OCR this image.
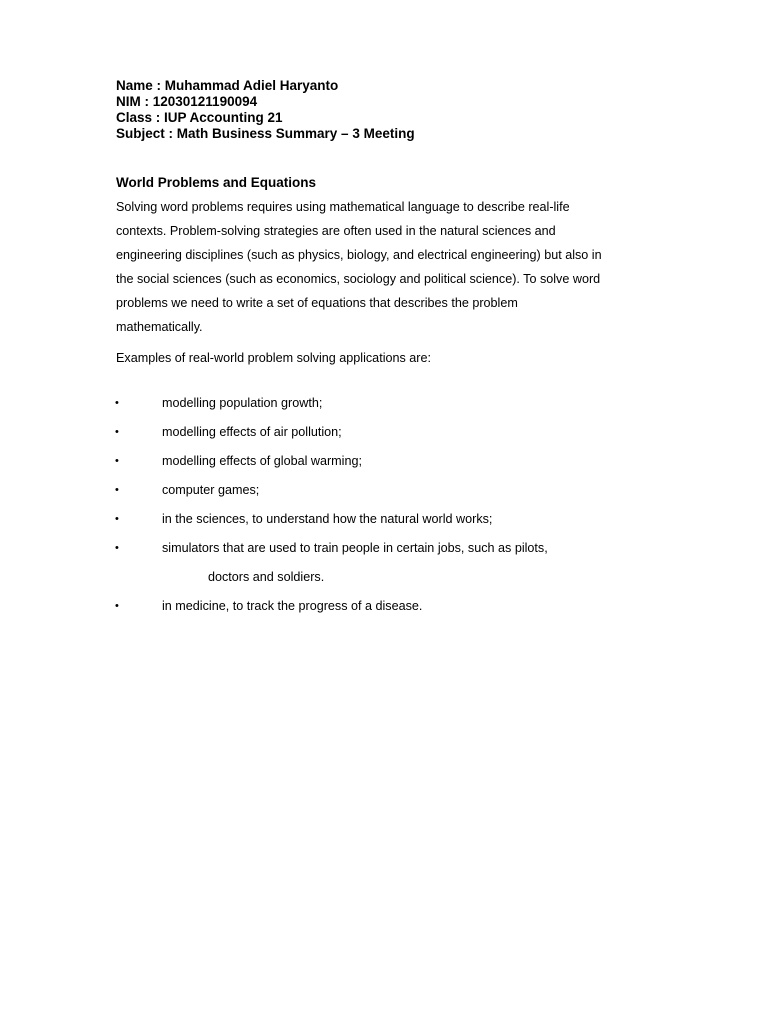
Name : Muhammad Adiel Haryanto
NIM : 12030121190094
Class : IUP Accounting 21
Subject : Math Business Summary – 3 Meeting
World Problems and Equations
Solving word problems requires using mathematical language to describe real-life
contexts. Problem-solving strategies are often used in the natural sciences and
engineering disciplines (such as physics, biology, and electrical engineering) but also in
the social sciences (such as economics, sociology and political science). To solve word
problems we need to write a set of equations that describes the problem
mathematically.
Examples of real-world problem solving applications are:
•	modelling population growth;
•	modelling effects of air pollution;
•	modelling effects of global warming;
•	computer games;
•	in the sciences, to understand how the natural world works;
•	simulators that are used to train people in certain jobs, such as pilots,
doctors and soldiers.
•	in medicine, to track the progress of a disease.
